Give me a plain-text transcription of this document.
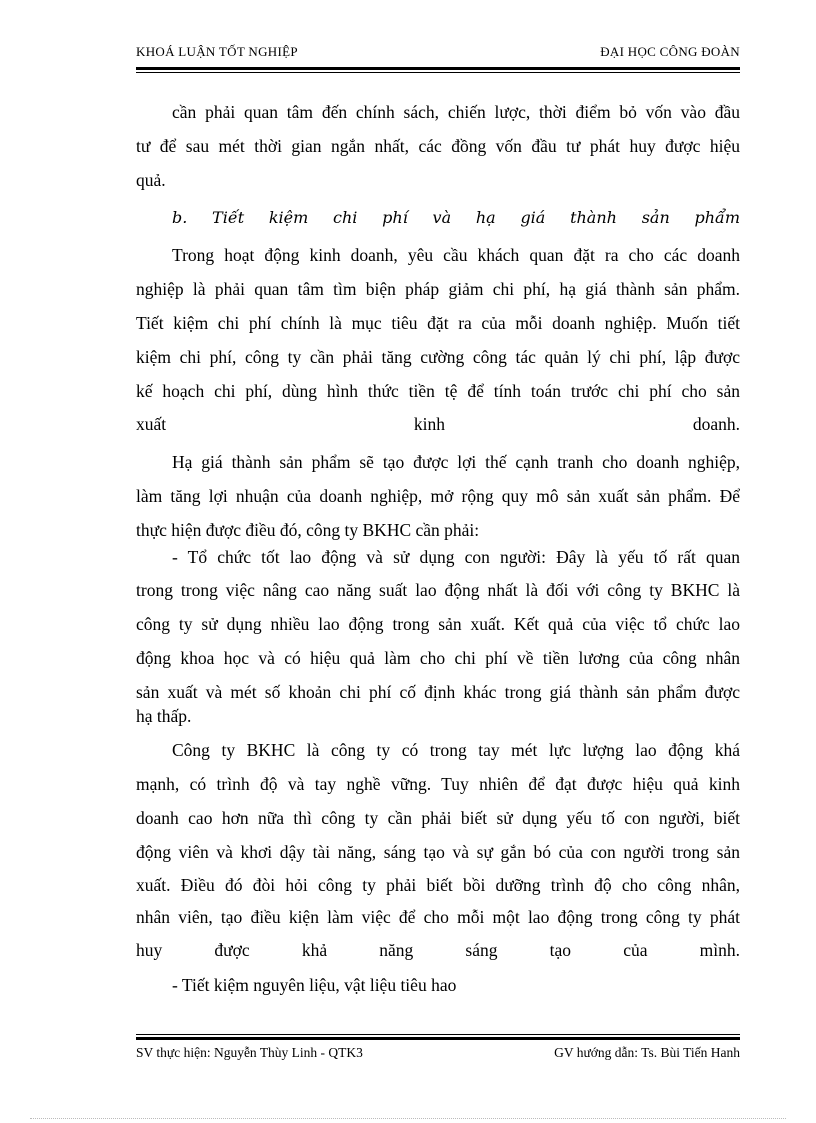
KHOÁ LUẬN TỐT NGHIỆP	ĐẠI HỌC CÔNG ĐOÀN
cần phải quan tâm đến chính sách, chiến lược, thời điểm bỏ vốn vào đầu
tư để sau mét thời gian ngắn nhất, các đồng vốn đầu tư phát huy được hiệu
quả.
b. Tiết kiệm chi phí và hạ giá thành sản phẩm
Trong hoạt động kinh doanh, yêu cầu khách quan đặt ra cho các doanh
nghiệp là phải quan tâm tìm biện pháp giảm chi phí, hạ giá thành sản phẩm.
Tiết kiệm chi phí chính là mục tiêu đặt ra của mỗi doanh nghiệp. Muốn tiết
kiệm chi phí, công ty cần phải tăng cường công tác quản lý chi phí, lập được
kế hoạch chi phí, dùng hình thức tiền tệ để tính toán trước chi phí cho sản
xuất kinh doanh.
Hạ giá thành sản phẩm sẽ tạo được lợi thế cạnh tranh cho doanh nghiệp,
làm tăng lợi nhuận của doanh nghiệp, mở rộng quy mô sản xuất sản phẩm. Để
thực hiện được điều đó, công ty BKHC cần phải:
- Tổ chức tốt lao động và sử dụng con người: Đây là yếu tố rất quan
trong trong việc nâng cao năng suất lao động nhất là đối với công ty BKHC là
công ty sử dụng nhiều lao động trong sản xuất. Kết quả của việc tổ chức lao
động khoa học và có hiệu quả làm cho chi phí về tiền lương của công nhân
sản xuất và mét số khoản chi phí cố định khác trong giá thành sản phẩm được
hạ thấp.
Công ty BKHC là công ty có trong tay mét lực lượng lao động khá
mạnh, có trình độ và tay nghề vững. Tuy nhiên để đạt được hiệu quả kinh
doanh cao hơn nữa thì công ty cần phải biết sử dụng yếu tố con người, biết
động viên và khơi dậy tài năng, sáng tạo và sự gắn bó của con người trong sản
xuất. Điều đó đòi hỏi công ty phải biết bồi dưỡng trình độ cho công nhân,
nhân viên, tạo điều kiện làm việc để cho mỗi một lao động trong công ty phát
huy được khả năng sáng tạo của mình.
- Tiết kiệm nguyên liệu, vật liệu tiêu hao
SV thực hiện: Nguyễn Thùy Linh - QTK3	GV hướng dẫn: Ts. Bùi Tiến Hanh
